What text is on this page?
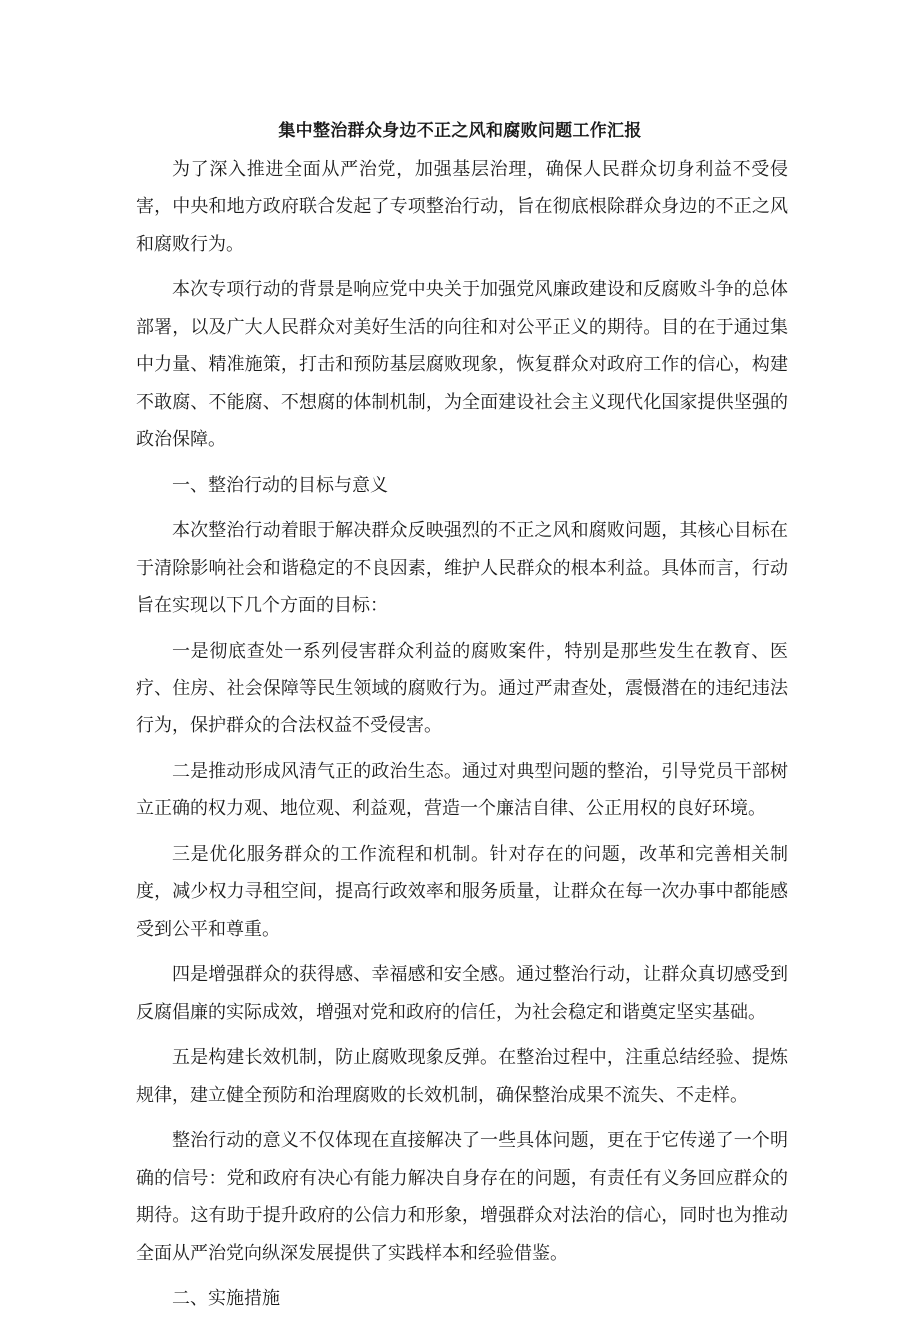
集中整治群众身边不正之风和腐败问题工作汇报

为了深入推进全面从严治党，加强基层治理，确保人民群众切身利益不受侵害，中央和地方政府联合发起了专项整治行动，旨在彻底根除群众身边的不正之风和腐败行为。

本次专项行动的背景是响应党中央关于加强党风廉政建设和反腐败斗争的总体部署，以及广大人民群众对美好生活的向往和对公平正义的期待。目的在于通过集中力量、精准施策，打击和预防基层腐败现象，恢复群众对政府工作的信心，构建不敢腐、不能腐、不想腐的体制机制，为全面建设社会主义现代化国家提供坚强的政治保障。

一、整治行动的目标与意义

本次整治行动着眼于解决群众反映强烈的不正之风和腐败问题，其核心目标在于清除影响社会和谐稳定的不良因素，维护人民群众的根本利益。具体而言，行动旨在实现以下几个方面的目标：

一是彻底查处一系列侵害群众利益的腐败案件，特别是那些发生在教育、医疗、住房、社会保障等民生领域的腐败行为。通过严肃查处，震慑潜在的违纪违法行为，保护群众的合法权益不受侵害。

二是推动形成风清气正的政治生态。通过对典型问题的整治，引导党员干部树立正确的权力观、地位观、利益观，营造一个廉洁自律、公正用权的良好环境。

三是优化服务群众的工作流程和机制。针对存在的问题，改革和完善相关制度，减少权力寻租空间，提高行政效率和服务质量，让群众在每一次办事中都能感受到公平和尊重。

四是增强群众的获得感、幸福感和安全感。通过整治行动，让群众真切感受到反腐倡廉的实际成效，增强对党和政府的信任，为社会稳定和谐奠定坚实基础。

五是构建长效机制，防止腐败现象反弹。在整治过程中，注重总结经验、提炼规律，建立健全预防和治理腐败的长效机制，确保整治成果不流失、不走样。

整治行动的意义不仅体现在直接解决了一些具体问题，更在于它传递了一个明确的信号：党和政府有决心有能力解决自身存在的问题，有责任有义务回应群众的期待。这有助于提升政府的公信力和形象，增强群众对法治的信心，同时也为推动全面从严治党向纵深发展提供了实践样本和经验借鉴。

二、实施措施
